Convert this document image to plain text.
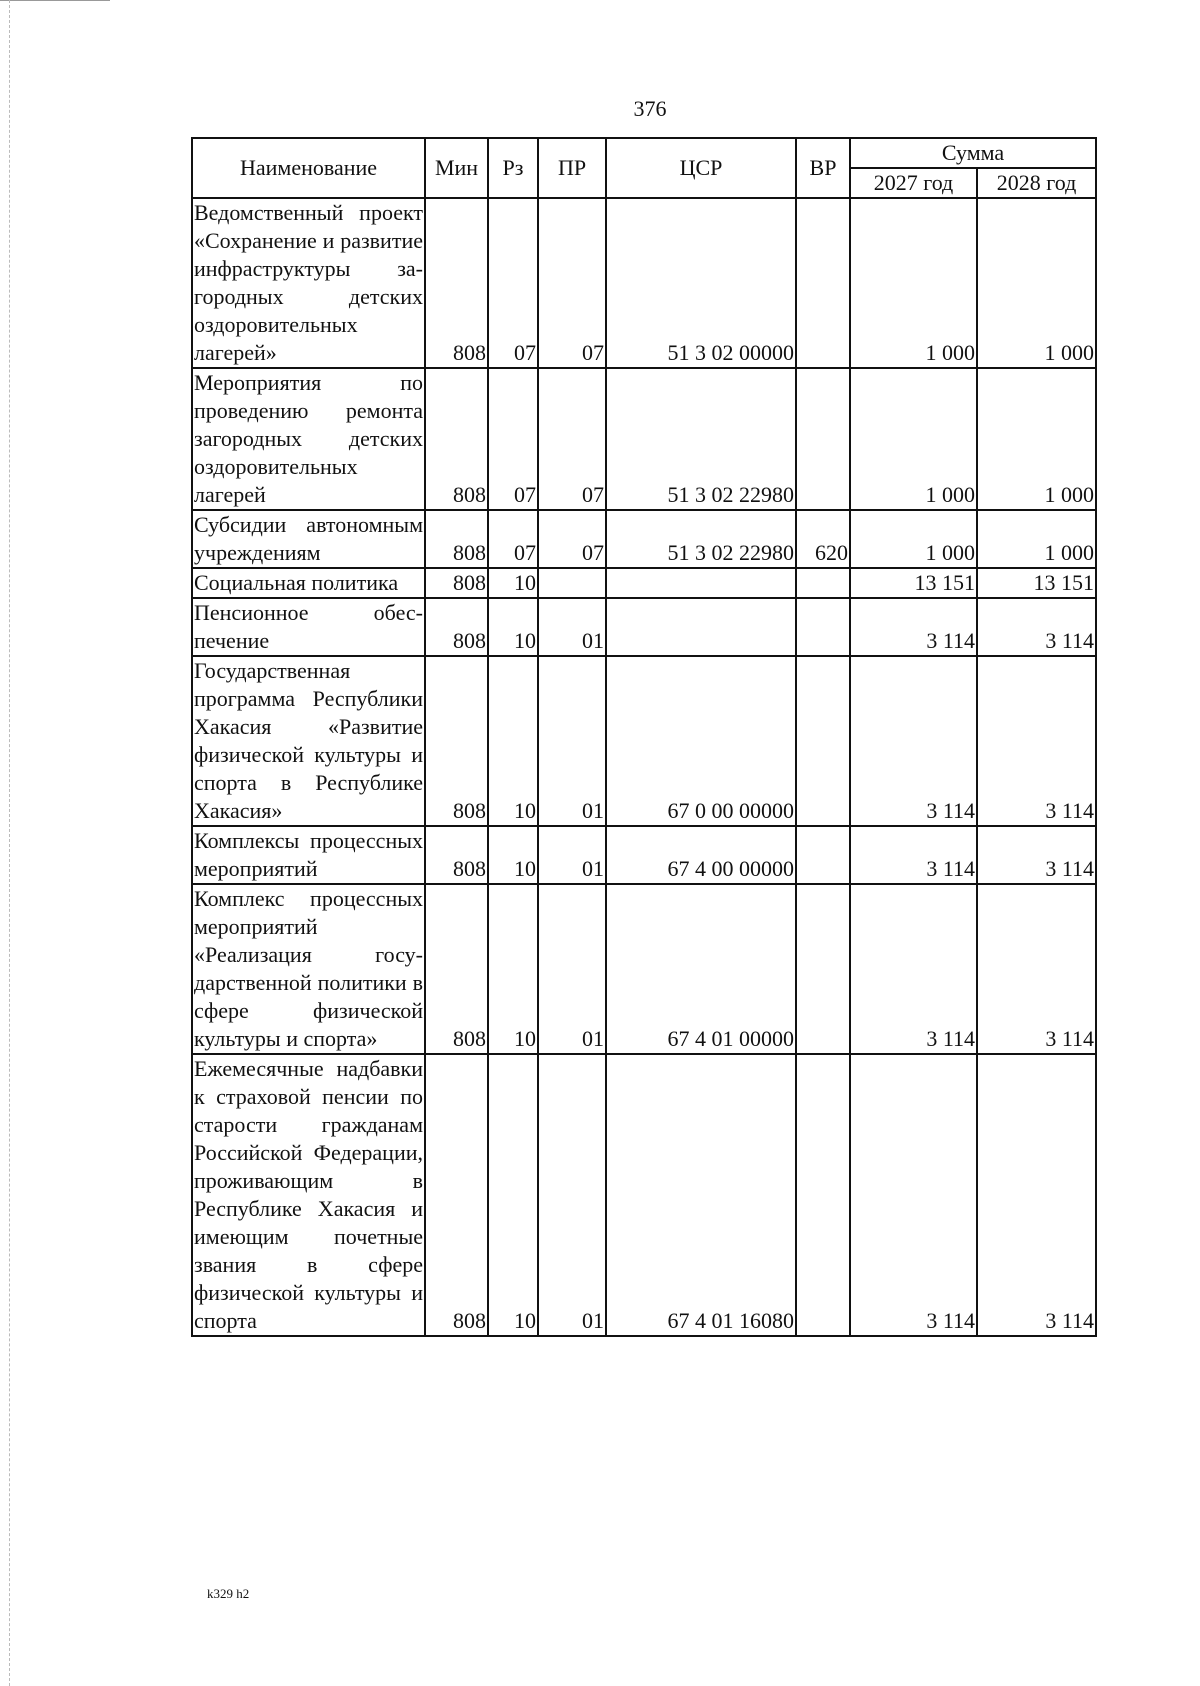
376
Наименование	Мин	Рз	ПР	ЦСР	ВР	Сумма	
						2027 год	2028 год
Ведомственный проект «Сохранение и развитие инфраструктуры загородных детских оздоровительных лагерей»	808	07	07	51 3 02 00000		1 000	1 000
Мероприятия по проведению ремонта загородных детских оздоровительных лагерей	808	07	07	51 3 02 22980		1 000	1 000
Субсидии автономным учреждениям	808	07	07	51 3 02 22980	620	1 000	1 000
Социальная политика	808	10				13 151	13 151
Пенсионное обеспечение	808	10	01			3 114	3 114
Государственная программа Республики Хакасия «Развитие физической культуры и спорта в Республике Хакасия»	808	10	01	67 0 00 00000		3 114	3 114
Комплексы процессных мероприятий	808	10	01	67 4 00 00000		3 114	3 114
Комплекс процессных мероприятий «Реализация государственной политики в сфере физической культуры и спорта»	808	10	01	67 4 01 00000		3 114	3 114
Ежемесячные надбавки к страховой пенсии по старости гражданам Российской Федерации, проживающим в Республике Хакасия и имеющим почетные звания в сфере физической культуры и спорта	808	10	01	67 4 01 16080		3 114	3 114
k329 h2
